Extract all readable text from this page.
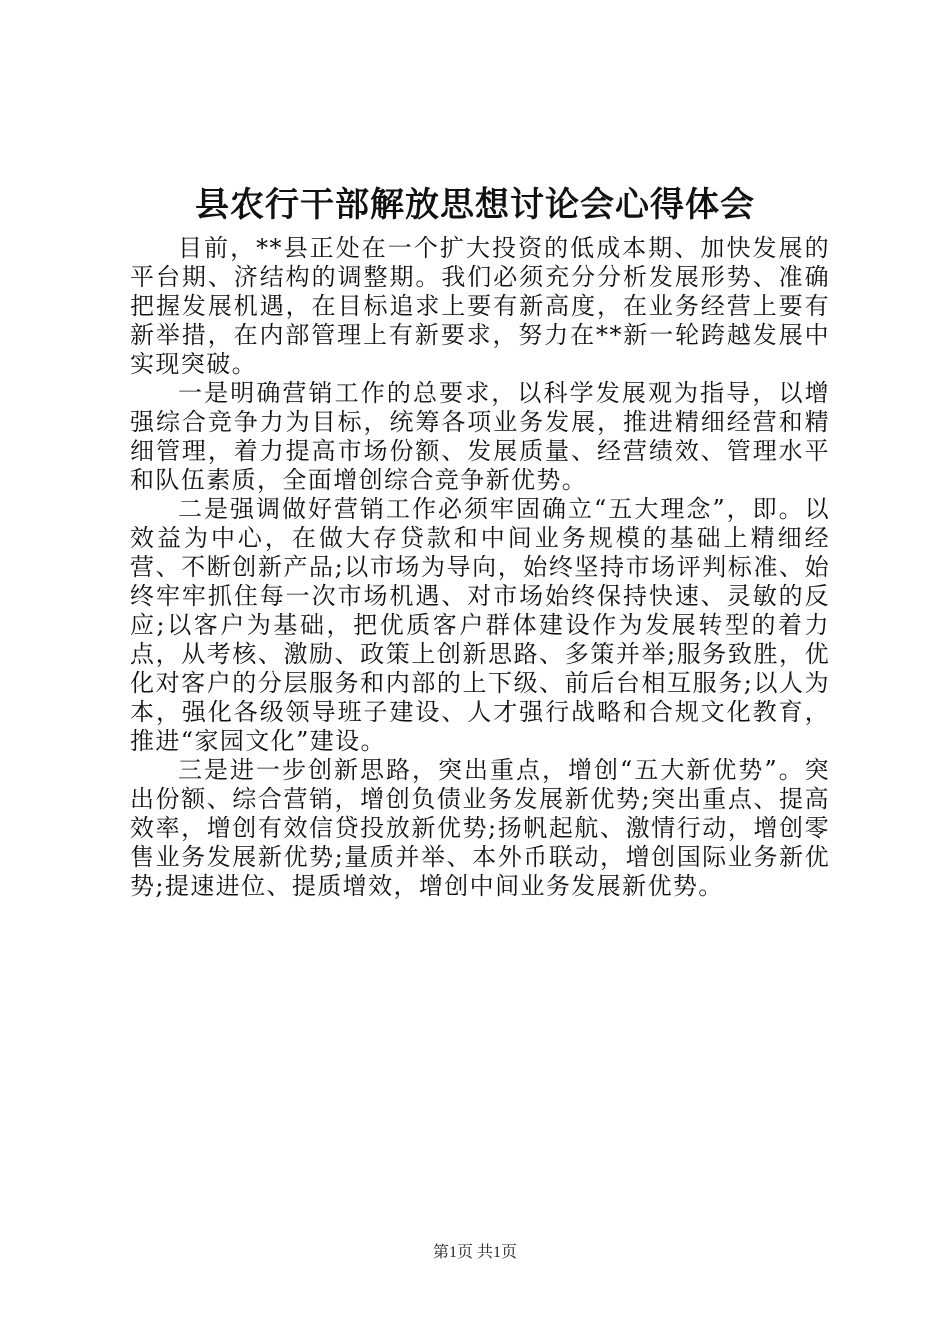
县农行干部解放思想讨论会心得体会

目前，**县正处在一个扩大投资的低成本期、加快发展的平台期、济结构的调整期。我们必须充分分析发展形势、准确把握发展机遇，在目标追求上要有新高度，在业务经营上要有新举措，在内部管理上有新要求，努力在**新一轮跨越发展中实现突破。

一是明确营销工作的总要求，以科学发展观为指导，以增强综合竞争力为目标，统筹各项业务发展，推进精细经营和精细管理，着力提高市场份额、发展质量、经营绩效、管理水平和队伍素质，全面增创综合竞争新优势。

二是强调做好营销工作必须牢固确立“五大理念”，即。以效益为中心，在做大存贷款和中间业务规模的基础上精细经营、不断创新产品;以市场为导向，始终坚持市场评判标准、始终牢牢抓住每一次市场机遇、对市场始终保持快速、灵敏的反应;以客户为基础，把优质客户群体建设作为发展转型的着力点，从考核、激励、政策上创新思路、多策并举;服务致胜，优化对客户的分层服务和内部的上下级、前后台相互服务;以人为本，强化各级领导班子建设、人才强行战略和合规文化教育，推进“家园文化”建设。

三是进一步创新思路，突出重点，增创“五大新优势”。突出份额、综合营销，增创负债业务发展新优势;突出重点、提高效率，增创有效信贷投放新优势;扬帆起航、激情行动，增创零售业务发展新优势;量质并举、本外币联动，增创国际业务新优势;提速进位、提质增效，增创中间业务发展新优势。

第1页 共1页
